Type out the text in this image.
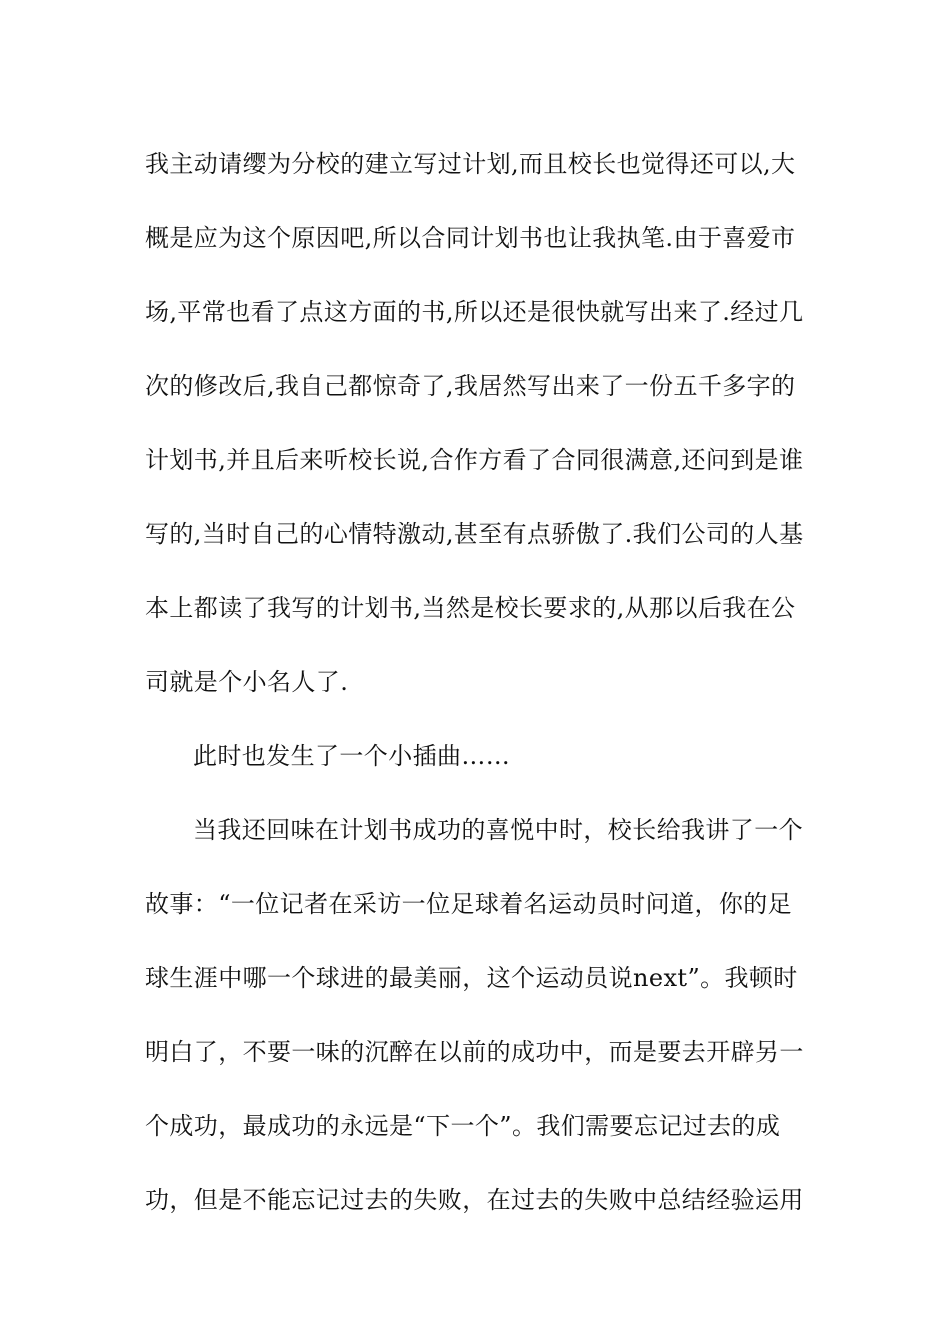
我主动请缨为分校的建立写过计划,而且校长也觉得还可以,大
概是应为这个原因吧,所以合同计划书也让我执笔.由于喜爱市
场,平常也看了点这方面的书,所以还是很快就写出来了.经过几
次的修改后,我自己都惊奇了,我居然写出来了一份五千多字的
计划书,并且后来听校长说,合作方看了合同很满意,还问到是谁
写的,当时自己的心情特激动,甚至有点骄傲了.我们公司的人基
本上都读了我写的计划书,当然是校长要求的,从那以后我在公
司就是个小名人了.
此时也发生了一个小插曲……
当我还回味在计划书成功的喜悦中时，校长给我讲了一个
故事：“一位记者在采访一位足球着名运动员时问道，你的足
球生涯中哪一个球进的最美丽，这个运动员说next”。我顿时
明白了，不要一味的沉醉在以前的成功中，而是要去开辟另一
个成功，最成功的永远是“下一个”。我们需要忘记过去的成
功，但是不能忘记过去的失败，在过去的失败中总结经验运用
